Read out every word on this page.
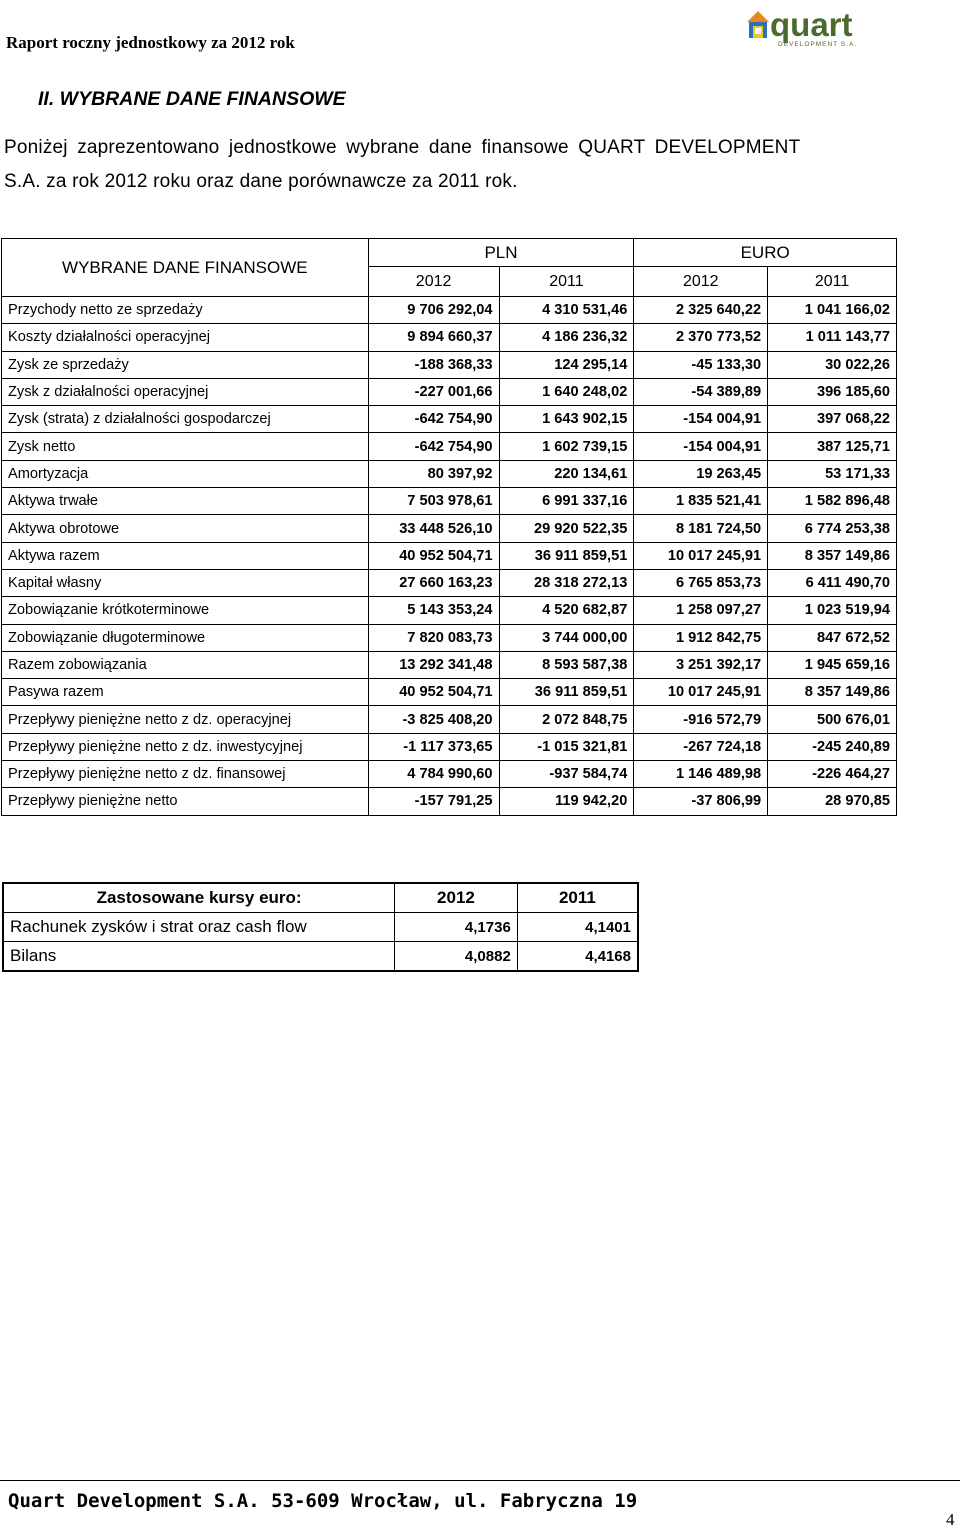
Raport roczny jednostkowy za 2012 rok	quart
DEVELOPMENT S.A.
II. WYBRANE DANE FINANSOWE
Poniżej zaprezentowano jednostkowe wybrane dane finansowe QUART DEVELOPMENT
S.A. za rok 2012 roku oraz dane porównawcze za 2011 rok.
WYBRANE DANE FINANSOWE	PLN		EURO	
	2012	2011	2012	2011
Przychody netto ze sprzedaży	9 706 292,04	4 310 531,46	2 325 640,22	1 041 166,02
Koszty działalności operacyjnej	9 894 660,37	4 186 236,32	2 370 773,52	1 011 143,77
Zysk ze sprzedaży	-188 368,33	124 295,14	-45 133,30	30 022,26
Zysk z działalności operacyjnej	-227 001,66	1 640 248,02	-54 389,89	396 185,60
Zysk (strata) z działalności gospodarczej	-642 754,90	1 643 902,15	-154 004,91	397 068,22
Zysk netto	-642 754,90	1 602 739,15	-154 004,91	387 125,71
Amortyzacja	80 397,92	220 134,61	19 263,45	53 171,33
Aktywa trwałe	7 503 978,61	6 991 337,16	1 835 521,41	1 582 896,48
Aktywa obrotowe	33 448 526,10	29 920 522,35	8 181 724,50	6 774 253,38
Aktywa razem	40 952 504,71	36 911 859,51	10 017 245,91	8 357 149,86
Kapitał własny	27 660 163,23	28 318 272,13	6 765 853,73	6 411 490,70
Zobowiązanie krótkoterminowe	5 143 353,24	4 520 682,87	1 258 097,27	1 023 519,94
Zobowiązanie długoterminowe	7 820 083,73	3 744 000,00	1 912 842,75	847 672,52
Razem zobowiązania	13 292 341,48	8 593 587,38	3 251 392,17	1 945 659,16
Pasywa razem	40 952 504,71	36 911 859,51	10 017 245,91	8 357 149,86
Przepływy pieniężne netto z dz. operacyjnej	-3 825 408,20	2 072 848,75	-916 572,79	500 676,01
Przepływy pieniężne netto z dz. inwestycyjnej	-1 117 373,65	-1 015 321,81	-267 724,18	-245 240,89
Przepływy pieniężne netto z dz. finansowej	4 784 990,60	-937 584,74	1 146 489,98	-226 464,27
Przepływy pieniężne netto	-157 791,25	119 942,20	-37 806,99	28 970,85
Zastosowane kursy euro:	2012	2011
Rachunek zysków i strat oraz cash flow	4,1736	4,1401
Bilans	4,0882	4,4168
Quart Development S.A. 53-609 Wrocław, ul. Fabryczna 19
4
